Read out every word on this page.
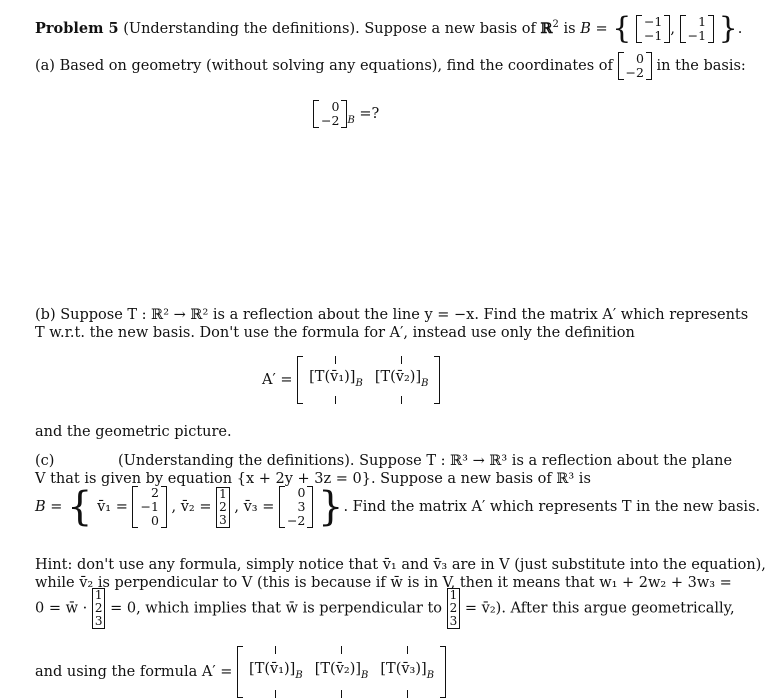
Problem 5 (Understanding the definitions). Suppose a new basis of ℝ$^2$ is B = { −1
−1 ,	1
−1 }.
(a) Based on geometry (without solving any equations), find the coordinates of	0
−2 in the basis:
0
−2 $_B$ =?
(b) Suppose T : ℝ² → ℝ² is a reflection about the line y = −x. Find the matrix A′ which represents
T w.r.t. the new basis. Don't use the formula for A′, instead use only the definition
$A' = [T(v̄_1)]_B$ $[T(v̄_2)]_B$
and the geometric picture.
(c)	(Understanding the definitions). Suppose T : ℝ³ → ℝ³ is a reflection about the plane
V that is given by equation {x + 2y + 3z = 0}. Suppose a new basis of ℝ³ is
B = { v̄₁ =
2
−1
0
, v̄₂ =
1
2
3
, v̄₃ =
0
3
−2 }. Find the matrix A′ which represents T in the new basis.
Hint: don't use any formula, simply notice that v̄₁ and v̄₃ are in V (just substitute into the equation),
while v̄₂ is perpendicular to V (this is because if w̄ is in V, then it means that w₁ + 2w₂ + 3w₃ =
0 = w̄ ·
1
2
3
= 0, which implies that w̄ is perpendicular to
1
2
3
= v̄₂). After this argue geometrically,
and using the formula $A' = [T(v̄_1)]_B$ $[T(v̄_2)]_B$ $[T(v̄_3)]_B$
